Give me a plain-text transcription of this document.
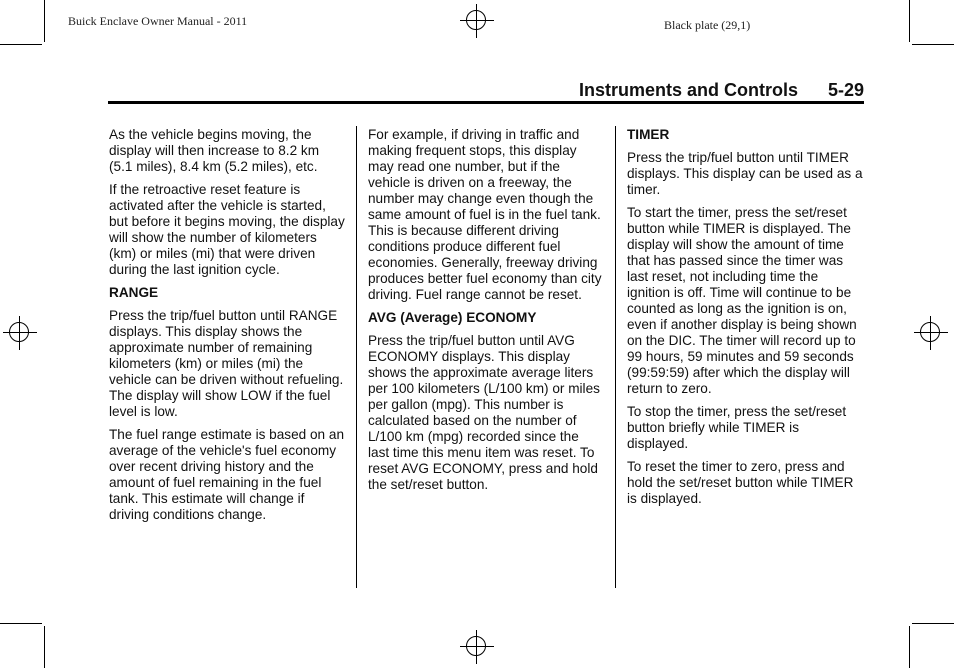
Buick Enclave Owner Manual - 2011	Black plate (29,1)
Instruments and Controls 5-29

As the vehicle begins moving, the display will then increase to 8.2 km (5.1 miles), 8.4 km (5.2 miles), etc.

If the retroactive reset feature is activated after the vehicle is started, but before it begins moving, the display will show the number of kilometers (km) or miles (mi) that were driven during the last ignition cycle.

RANGE

Press the trip/fuel button until RANGE displays. This display shows the approximate number of remaining kilometers (km) or miles (mi) the vehicle can be driven without refueling. The display will show LOW if the fuel level is low.

The fuel range estimate is based on an average of the vehicle's fuel economy over recent driving history and the amount of fuel remaining in the fuel tank. This estimate will change if driving conditions change.

For example, if driving in traffic and making frequent stops, this display may read one number, but if the vehicle is driven on a freeway, the number may change even though the same amount of fuel is in the fuel tank. This is because different driving conditions produce different fuel economies. Generally, freeway driving produces better fuel economy than city driving. Fuel range cannot be reset.

AVG (Average) ECONOMY

Press the trip/fuel button until AVG ECONOMY displays. This display shows the approximate average liters per 100 kilometers (L/100 km) or miles per gallon (mpg). This number is calculated based on the number of L/100 km (mpg) recorded since the last time this menu item was reset. To reset AVG ECONOMY, press and hold the set/reset button.

TIMER

Press the trip/fuel button until TIMER displays. This display can be used as a timer.

To start the timer, press the set/reset button while TIMER is displayed. The display will show the amount of time that has passed since the timer was last reset, not including time the ignition is off. Time will continue to be counted as long as the ignition is on, even if another display is being shown on the DIC. The timer will record up to 99 hours, 59 minutes and 59 seconds (99:59:59) after which the display will return to zero.

To stop the timer, press the set/reset button briefly while TIMER is displayed.

To reset the timer to zero, press and hold the set/reset button while TIMER is displayed.
